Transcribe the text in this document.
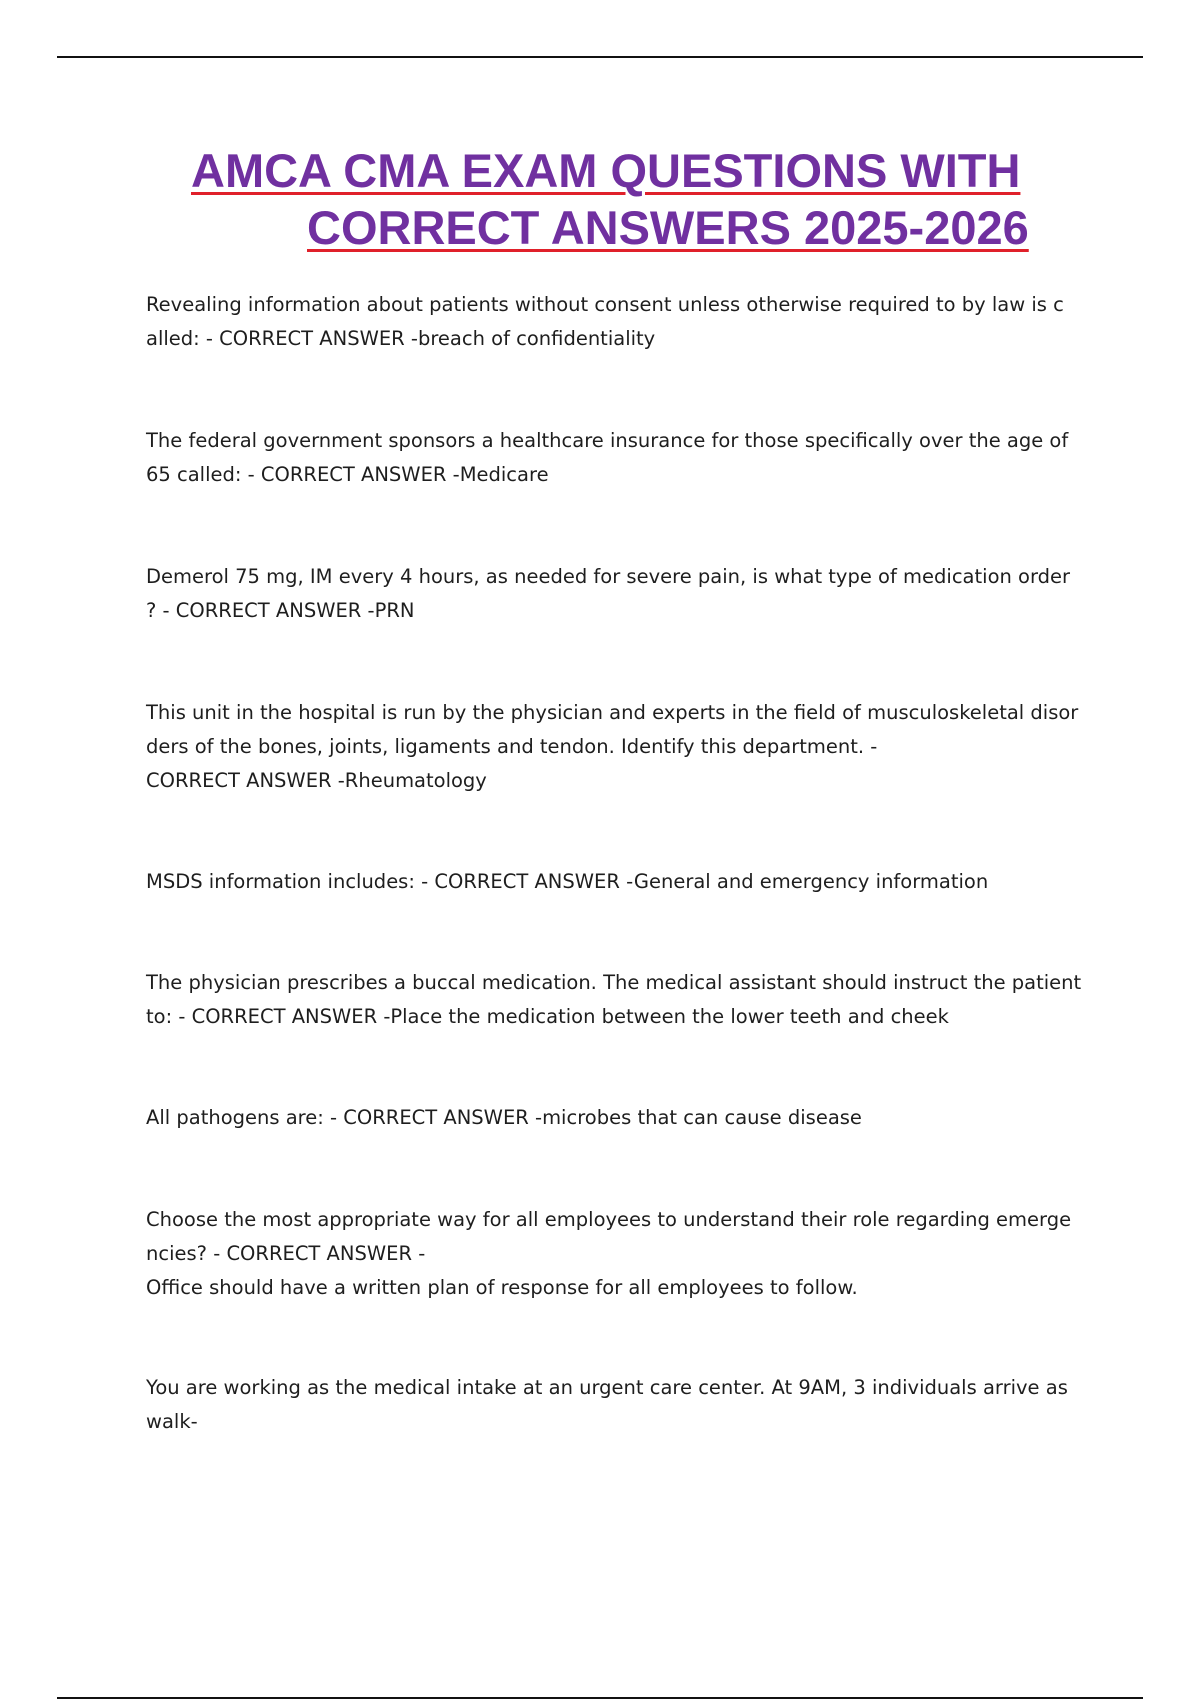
AMCA CMA EXAM QUESTIONS WITH
CORRECT ANSWERS 2025-2026

Revealing information about patients without consent unless otherwise required to by law is c
alled: - CORRECT ANSWER -breach of confidentiality

The federal government sponsors a healthcare insurance for those specifically over the age of
65 called: - CORRECT ANSWER -Medicare

Demerol 75 mg, IM every 4 hours, as needed for severe pain, is what type of medication order
? - CORRECT ANSWER -PRN

This unit in the hospital is run by the physician and experts in the field of musculoskeletal disor
ders of the bones, joints, ligaments and tendon. Identify this department. -
CORRECT ANSWER -Rheumatology

MSDS information includes: - CORRECT ANSWER -General and emergency information

The physician prescribes a buccal medication. The medical assistant should instruct the patient
to: - CORRECT ANSWER -Place the medication between the lower teeth and cheek

All pathogens are: - CORRECT ANSWER -microbes that can cause disease

Choose the most appropriate way for all employees to understand their role regarding emerge
ncies? - CORRECT ANSWER -
Office should have a written plan of response for all employees to follow.

You are working as the medical intake at an urgent care center. At 9AM, 3 individuals arrive as
walk-
